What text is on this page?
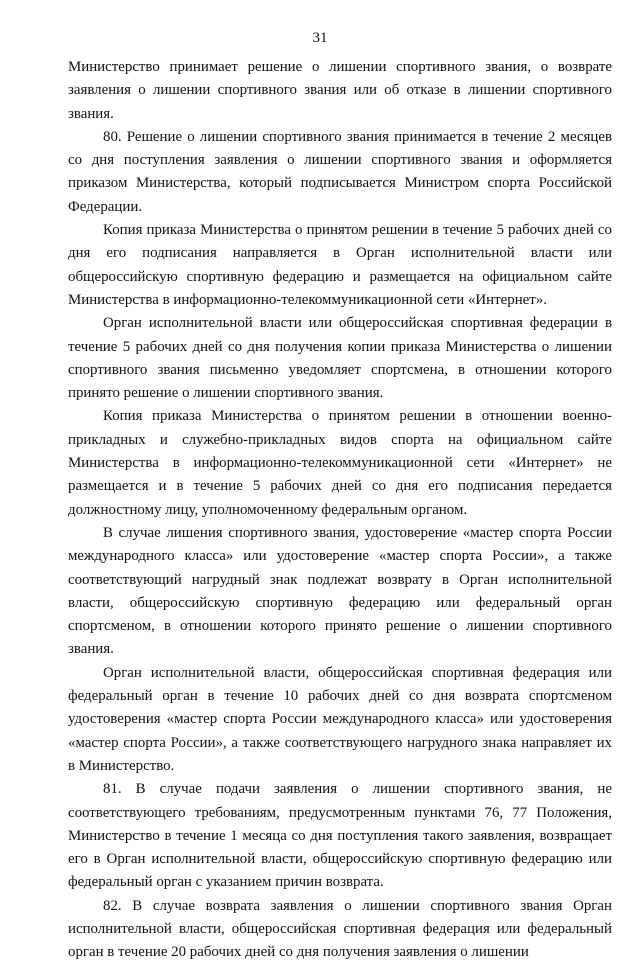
31

Министерство принимает решение о лишении спортивного звания, о возврате заявления о лишении спортивного звания или об отказе в лишении спортивного звания.

80. Решение о лишении спортивного звания принимается в течение 2 месяцев со дня поступления заявления о лишении спортивного звания и оформляется приказом Министерства, который подписывается Министром спорта Российской Федерации.

Копия приказа Министерства о принятом решении в течение 5 рабочих дней со дня его подписания направляется в Орган исполнительной власти или общероссийскую спортивную федерацию и размещается на официальном сайте Министерства в информационно-телекоммуникационной сети «Интернет».

Орган исполнительной власти или общероссийская спортивная федерации в течение 5 рабочих дней со дня получения копии приказа Министерства о лишении спортивного звания письменно уведомляет спортсмена, в отношении которого принято решение о лишении спортивного звания.

Копия приказа Министерства о принятом решении в отношении военно-прикладных и служебно-прикладных видов спорта на официальном сайте Министерства в информационно-телекоммуникационной сети «Интернет» не размещается и в течение 5 рабочих дней со дня его подписания передается должностному лицу, уполномоченному федеральным органом.

В случае лишения спортивного звания, удостоверение «мастер спорта России международного класса» или удостоверение «мастер спорта России», а также соответствующий нагрудный знак подлежат возврату в Орган исполнительной власти, общероссийскую спортивную федерацию или федеральный орган спортсменом, в отношении которого принято решение о лишении спортивного звания.

Орган исполнительной власти, общероссийская спортивная федерация или федеральный орган в течение 10 рабочих дней со дня возврата спортсменом удостоверения «мастер спорта России международного класса» или удостоверения «мастер спорта России», а также соответствующего нагрудного знака направляет их в Министерство.

81. В случае подачи заявления о лишении спортивного звания, не соответствующего требованиям, предусмотренным пунктами 76, 77 Положения, Министерство в течение 1 месяца со дня поступления такого заявления, возвращает его в Орган исполнительной власти, общероссийскую спортивную федерацию или федеральный орган с указанием причин возврата.

82. В случае возврата заявления о лишении спортивного звания Орган исполнительной власти, общероссийская спортивная федерация или федеральный орган в течение 20 рабочих дней со дня получения заявления о лишении
